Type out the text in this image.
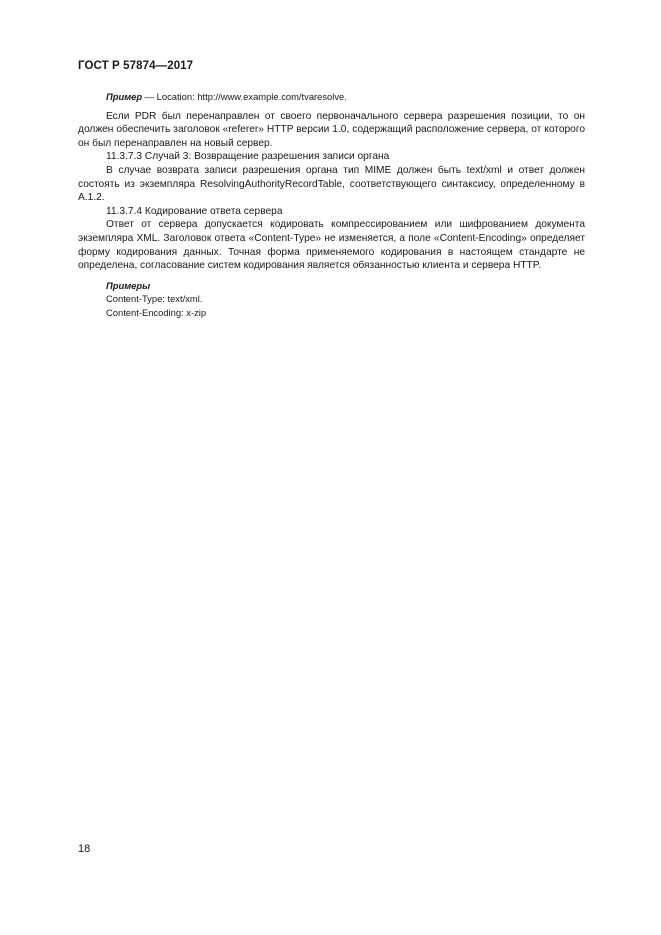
ГОСТ Р 57874—2017

Пример — Location: http://www.example.com/tvaresolve.

Если PDR был перенаправлен от своего первоначального сервера разрешения позиции, то он должен обеспечить заголовок «referer» HTTP версии 1.0, содержащий расположение сервера, от которого он был перенаправлен на новый сервер.

11.3.7.3 Случай 3: Возвращение разрешения записи органа

В случае возврата записи разрешения органа тип MIME должен быть text/xml и ответ должен состоять из экземпляра ResolvingAuthorityRecordTable, соответствующего синтаксису, определенному в А.1.2.

11.3.7.4 Кодирование ответа сервера

Ответ от сервера допускается кодировать компрессированием или шифрованием документа экземпляра XML. Заголовок ответа «Content-Type» не изменяется, а поле «Content-Encoding» определяет форму кодирования данных. Точная форма применяемого кодирования в настоящем стандарте не определена, согласование систем кодирования является обязанностью клиента и сервера HTTP.

Примеры

Content-Type: text/xml.

Content-Encoding: x-zip

18
